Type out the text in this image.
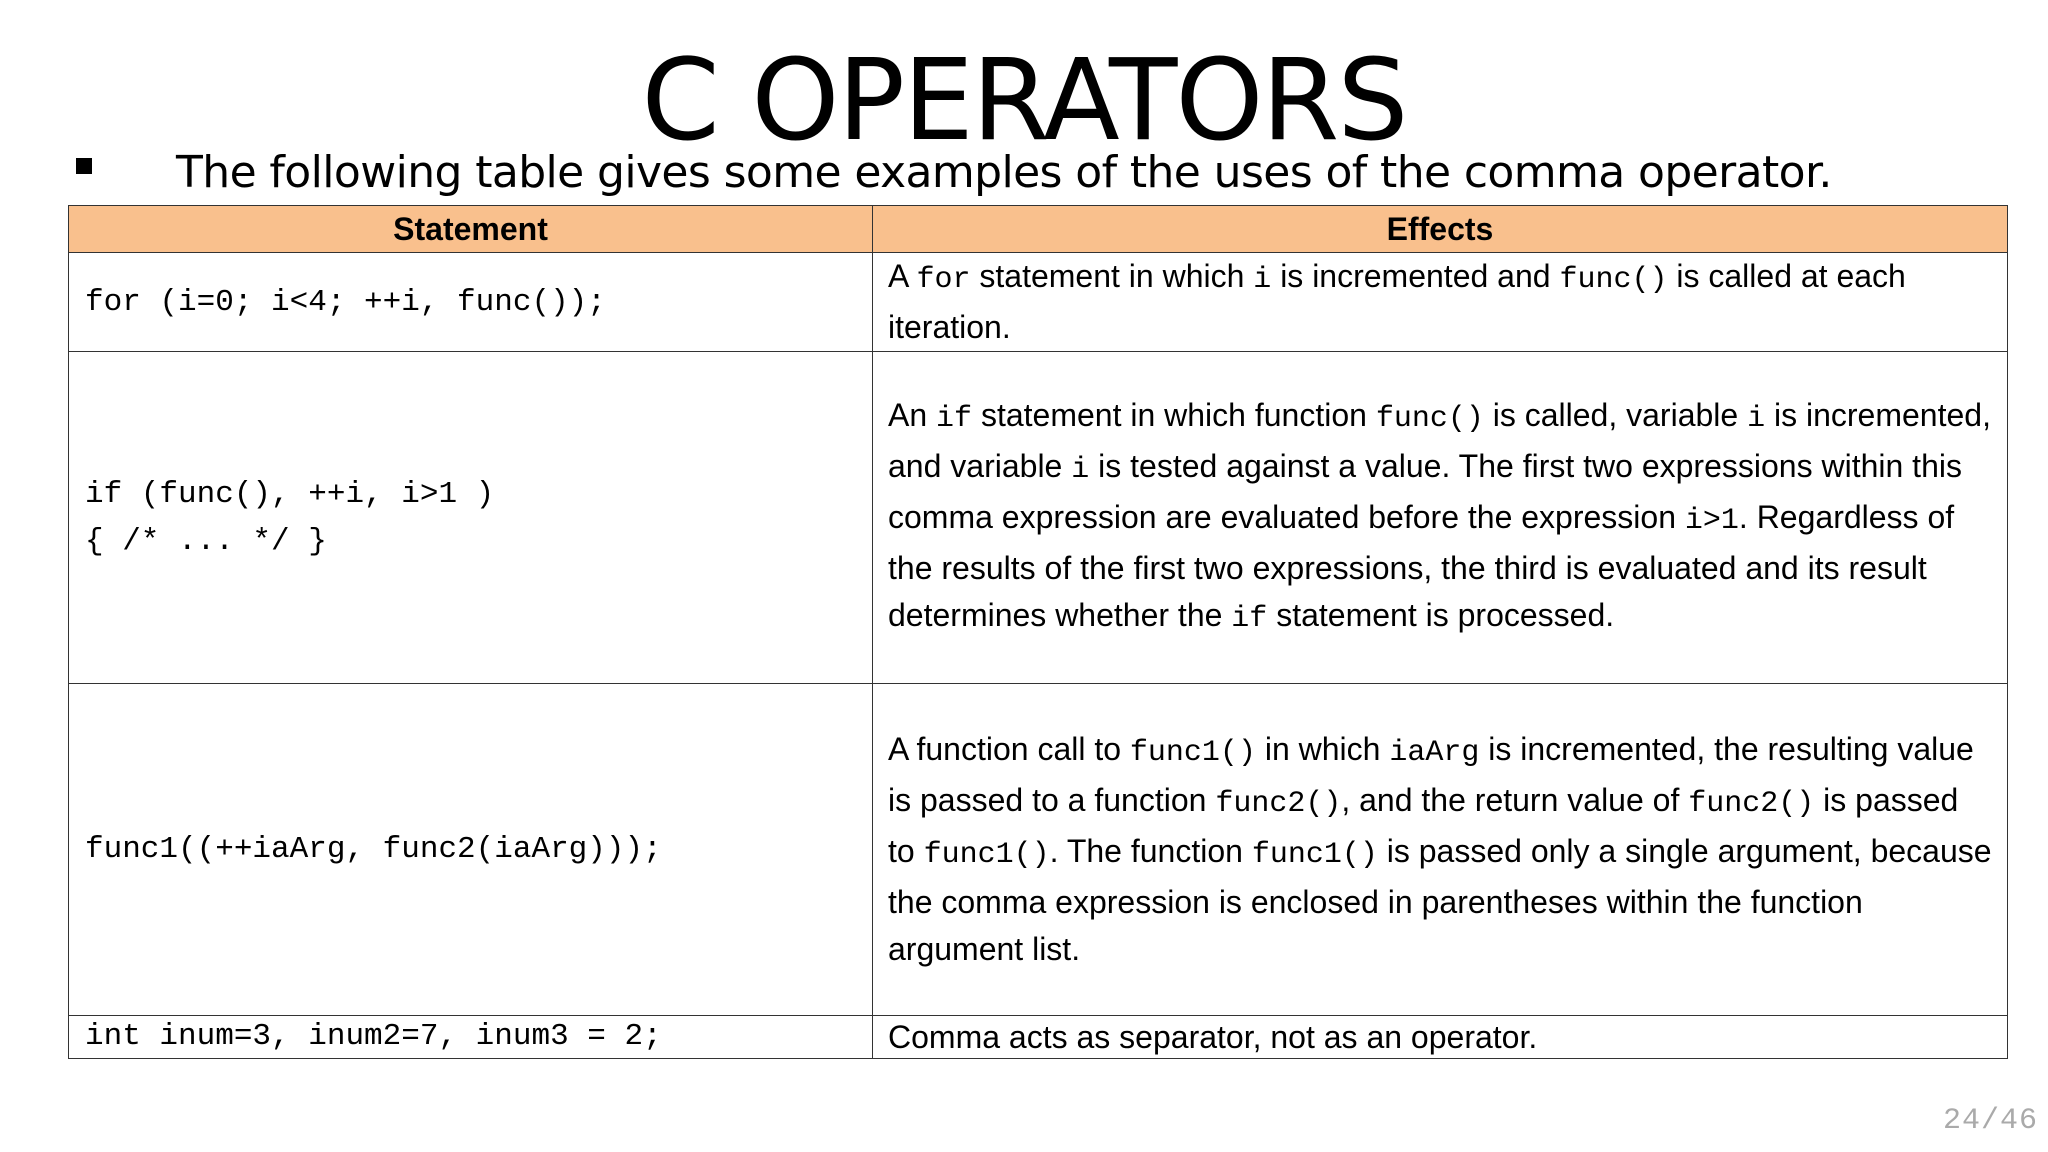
C OPERATORS
The following table gives some examples of the uses of the comma operator.
Statement	Effects
for (i=0; i<4; ++i, func());	A for statement in which i is incremented and func() is called at each iteration.
if (func(), ++i, i>1 )
{ /* ... */ }	An if statement in which function func() is called, variable i is incremented, and variable i is tested against a value. The first two expressions within this comma expression are evaluated before the expression i>1. Regardless of the results of the first two expressions, the third is evaluated and its result determines whether the if statement is processed.
func1((++iaArg, func2(iaArg)));	A function call to func1() in which iaArg is incremented, the resulting value is passed to a function func2(), and the return value of func2() is passed to func1(). The function func1() is passed only a single argument, because the comma expression is enclosed in parentheses within the function argument list.
int inum=3, inum2=7, inum3 = 2;	Comma acts as separator, not as an operator.
24/46
